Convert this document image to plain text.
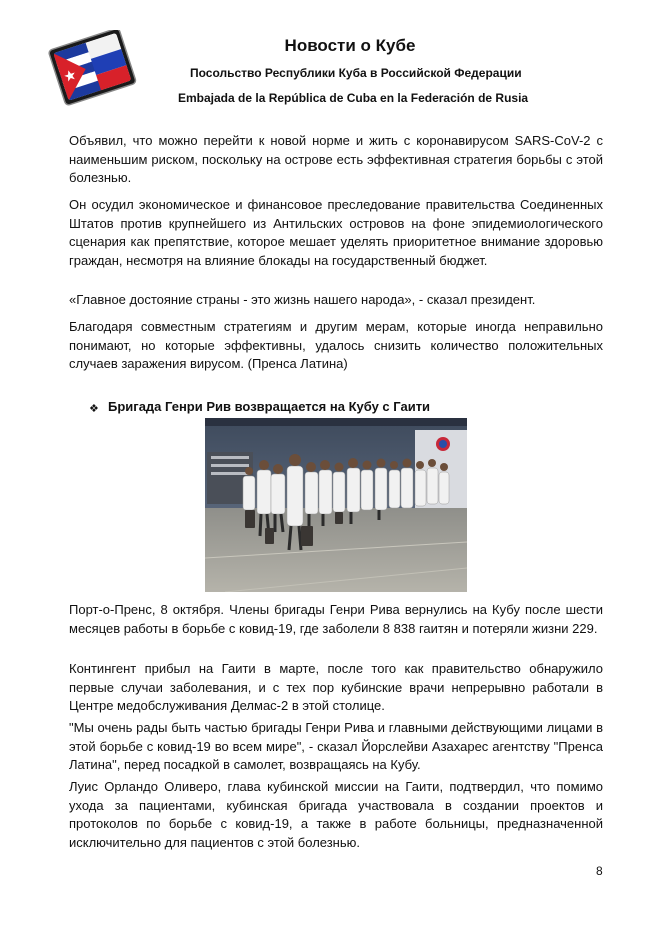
Новости о Кубе

Посольство Республики Куба в Российской Федерации

Embajada de la República de Cuba en la Federación de Rusia

Объявил, что можно перейти к новой норме и жить с коронавирусом SARS-CoV-2 с наименьшим риском, поскольку на острове есть эффективная стратегия борьбы с этой болезнью.

Он осудил экономическое и финансовое преследование правительства Соединенных Штатов против крупнейшего из Антильских островов на фоне эпидемиологического сценария как препятствие, которое мешает уделять приоритетное внимание здоровью граждан, несмотря на влияние блокады на государственный бюджет.

«Главное достояние страны - это жизнь нашего народа», - сказал президент.

Благодаря совместным стратегиям и другим мерам, которые иногда неправильно понимают, но которые эффективны, удалось снизить количество положительных случаев заражения вирусом. (Пренса Латина)

❖ Бригада Генри Рив возвращается на Кубу с Гаити

Порт-о-Пренс, 8 октября. Члены бригады Генри Рива вернулись на Кубу после шести месяцев работы в борьбе с ковид-19, где заболели 8 838 гаитян и потеряли жизни 229.

Контингент прибыл на Гаити в марте, после того как правительство обнаружило первые случаи заболевания, и с тех пор кубинские врачи непрерывно работали в Центре медобслуживания Делмас-2 в этой столице.

"Мы очень рады быть частью бригады Генри Рива и главными действующими лицами в этой борьбе с ковид-19 во всем мире", - сказал Йорслейви Азахарес агентству "Пренса Латина", перед посадкой в самолет, возвращаясь на Кубу.

Луис Орландо Оливеро, глава кубинской миссии на Гаити, подтвердил, что помимо ухода за пациентами, кубинская бригада участвовала в создании проектов и протоколов по борьбе с ковид-19, а также в работе больницы, предназначенной исключительно для пациентов с этой болезнью.

8
